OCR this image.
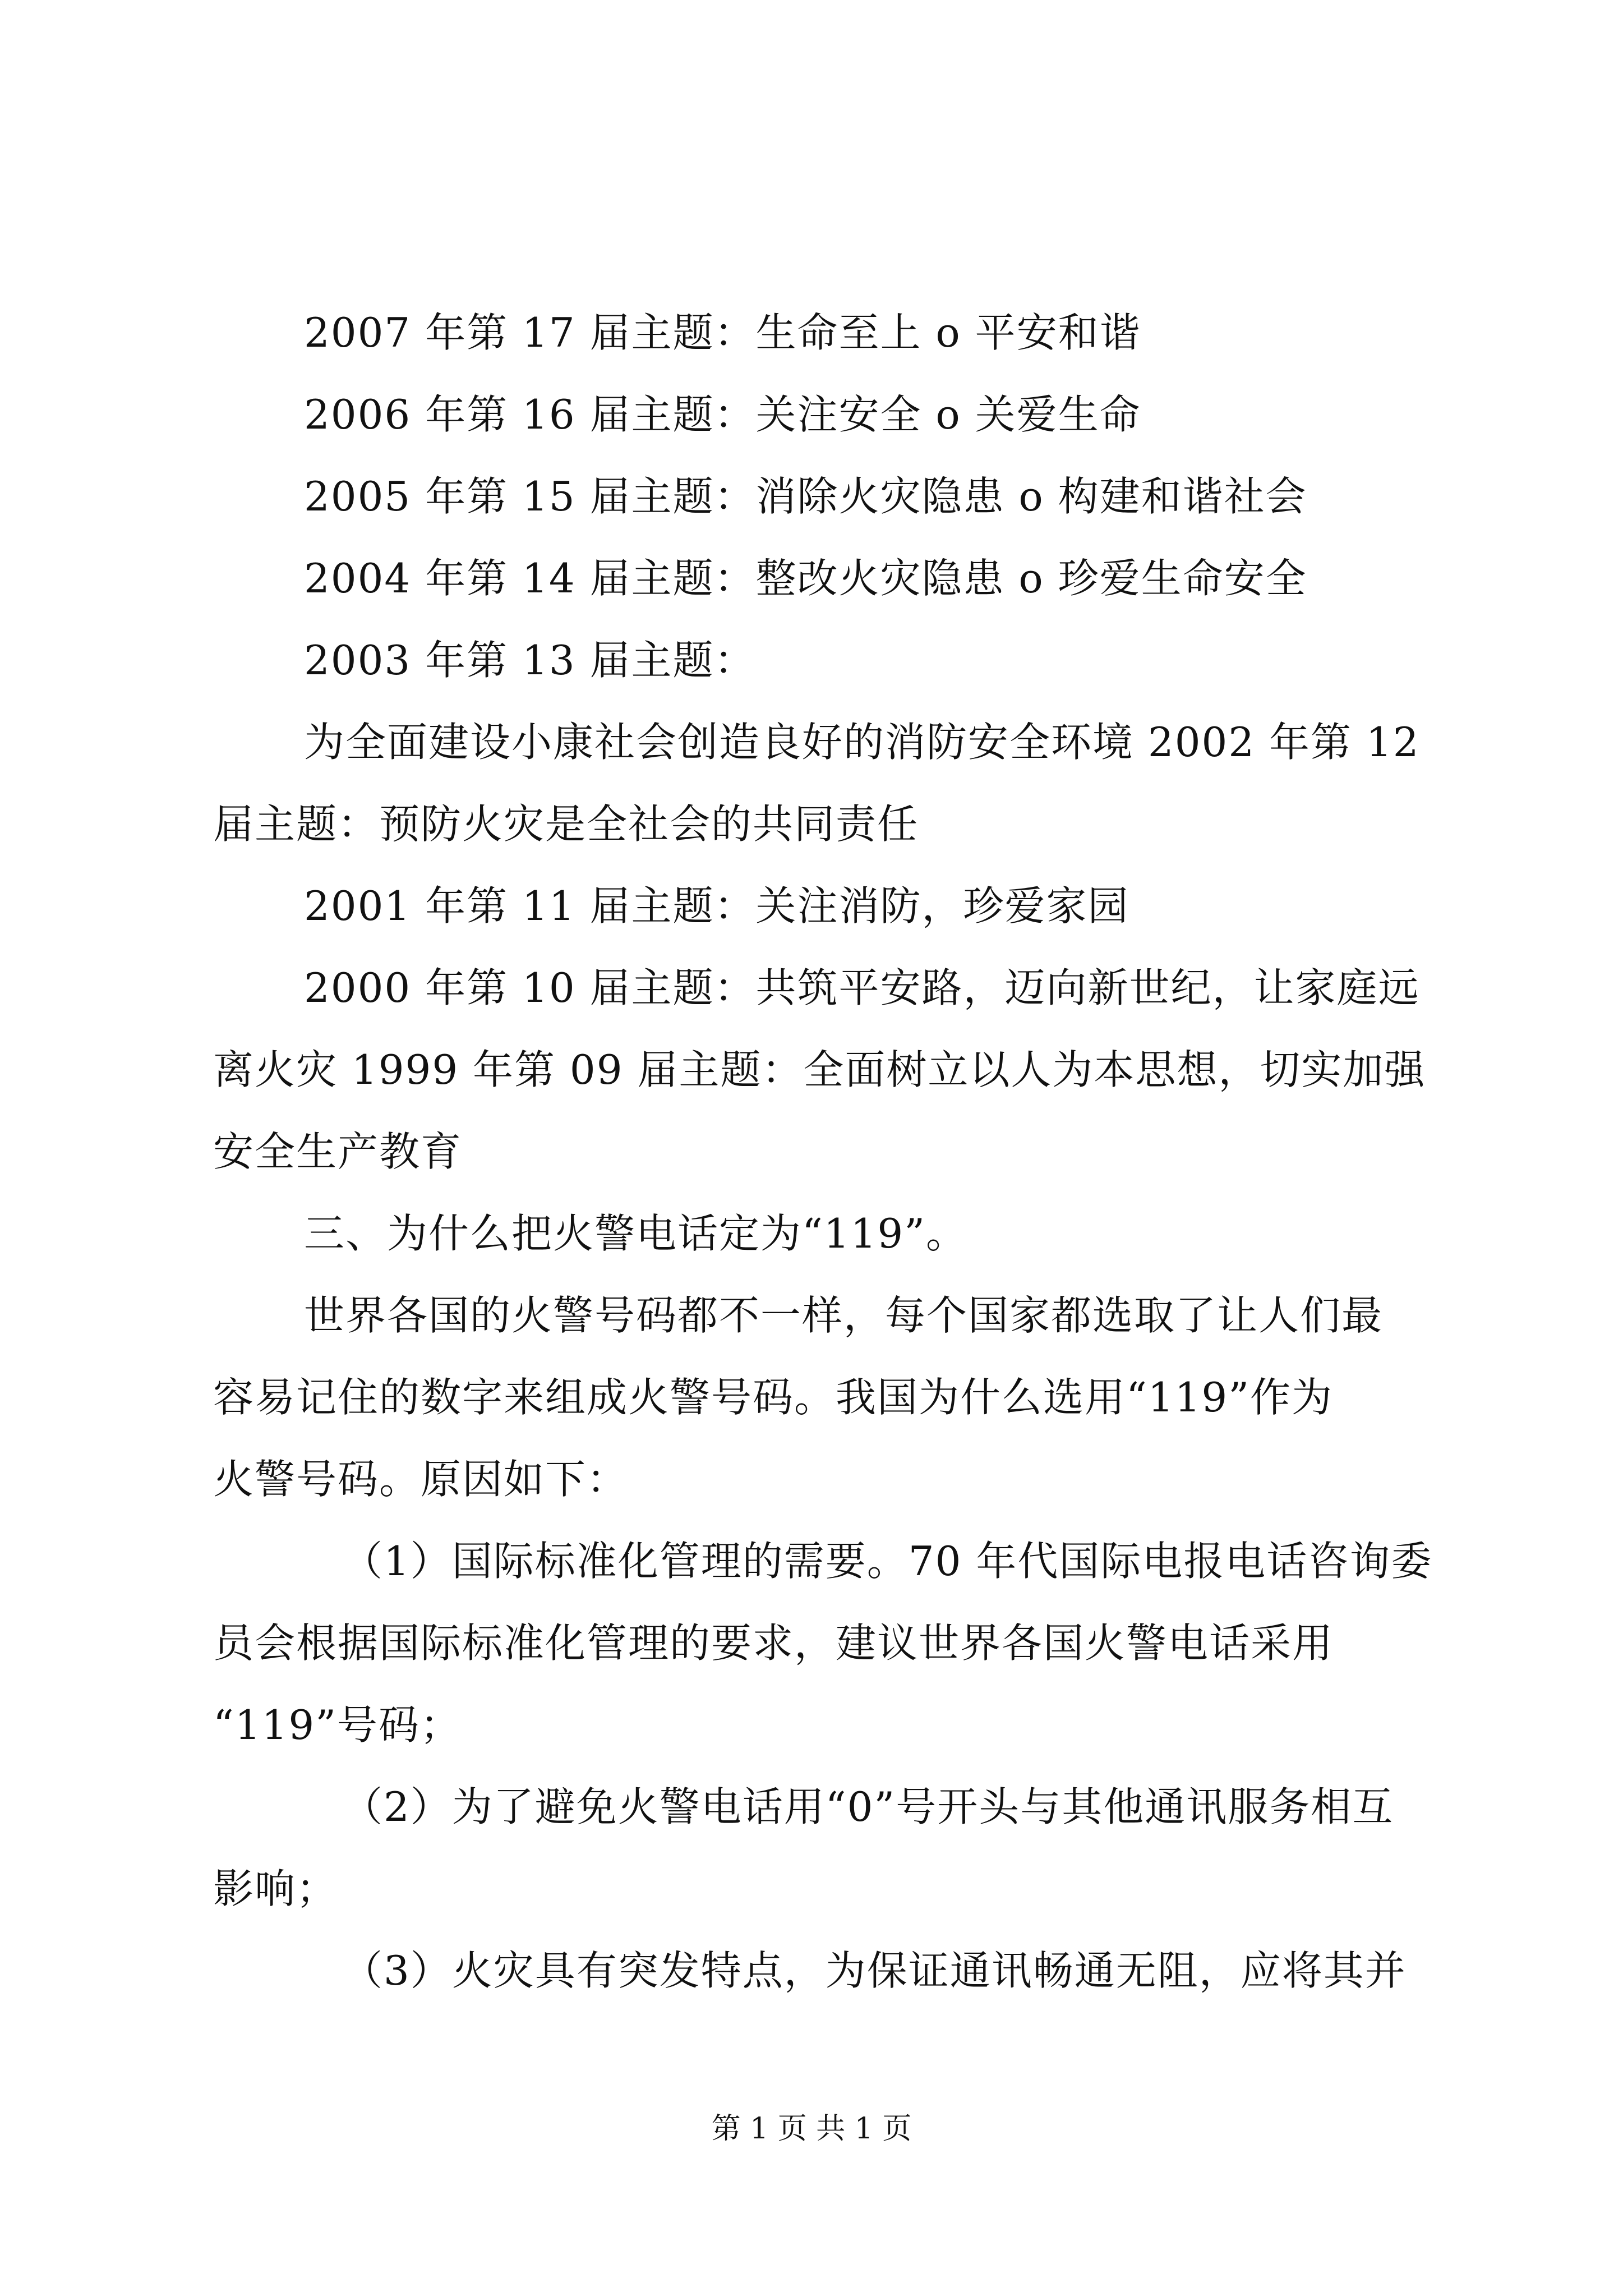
2007 年第 17 届主题：生命至上 o 平安和谐
2006 年第 16 届主题：关注安全 o 关爱生命
2005 年第 15 届主题：消除火灾隐患 o 构建和谐社会
2004 年第 14 届主题：整改火灾隐患 o 珍爱生命安全
2003 年第 13 届主题：
为全面建设小康社会创造良好的消防安全环境 2002 年第 12
届主题：预防火灾是全社会的共同责任
2001 年第 11 届主题：关注消防，珍爱家园
2000 年第 10 届主题：共筑平安路，迈向新世纪，让家庭远
离火灾 1999 年第 09 届主题：全面树立以人为本思想，切实加强
安全生产教育
三、为什么把火警电话定为“119”。
世界各国的火警号码都不一样，每个国家都选取了让人们最
容易记住的数字来组成火警号码。我国为什么选用“119”作为
火警号码。原因如下：
（1）国际标准化管理的需要。70 年代国际电报电话咨询委
员会根据国际标准化管理的要求，建议世界各国火警电话采用
“119”号码；
（2）为了避免火警电话用“0”号开头与其他通讯服务相互
影响；
（3）火灾具有突发特点，为保证通讯畅通无阻，应将其并
第 1 页 共 1 页
